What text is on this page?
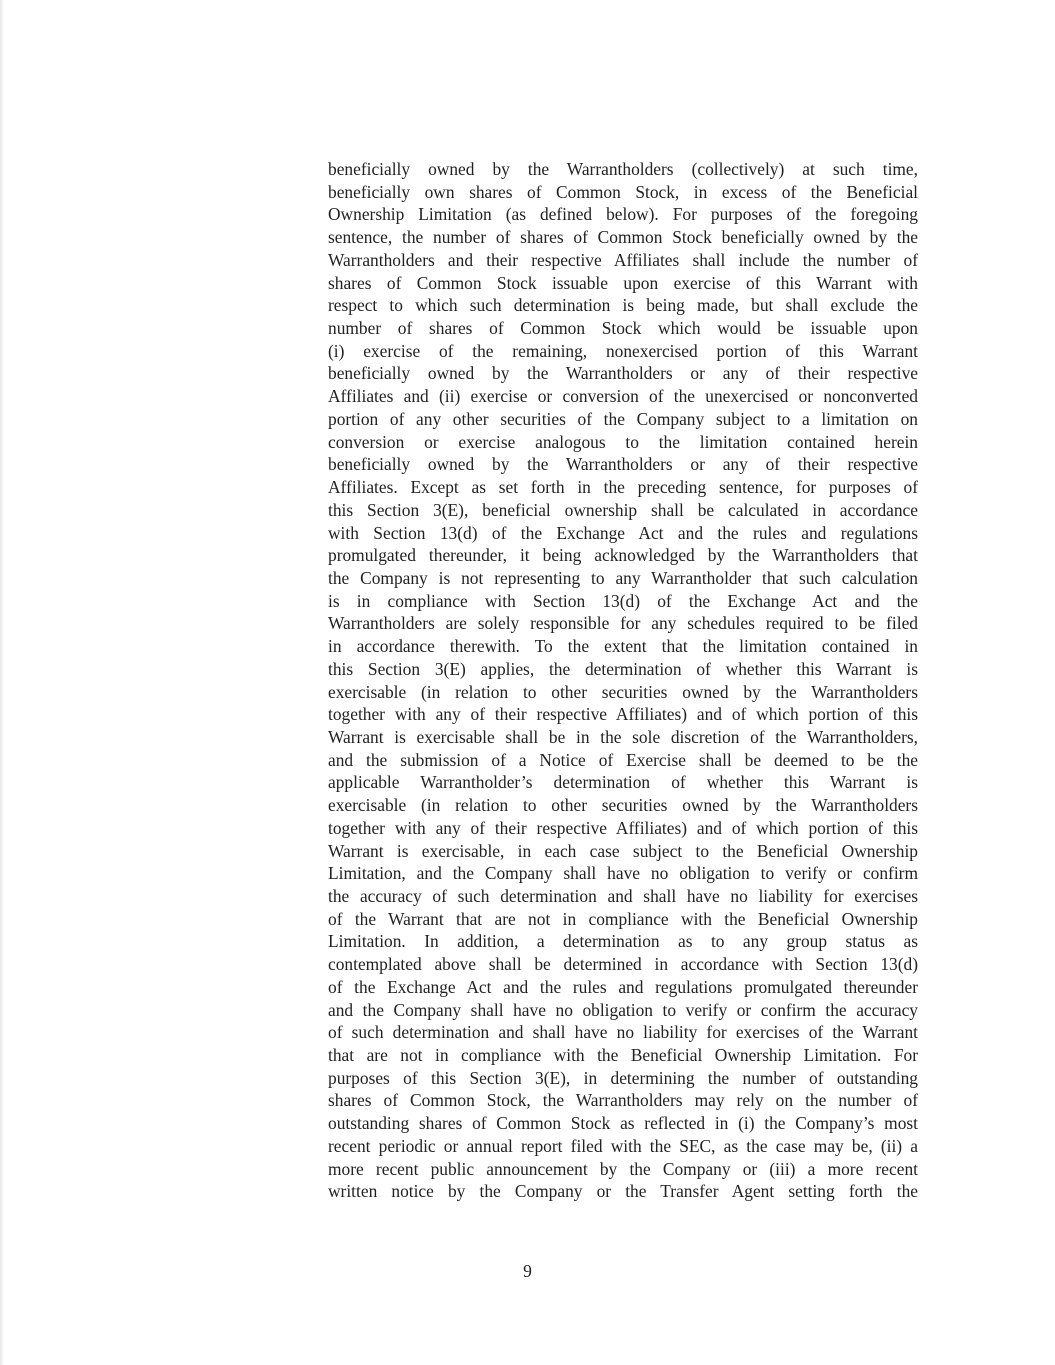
beneficially owned by the Warrantholders (collectively) at such time,
beneficially own shares of Common Stock, in excess of the Beneficial
Ownership Limitation (as defined below). For purposes of the foregoing
sentence, the number of shares of Common Stock beneficially owned by the
Warrantholders and their respective Affiliates shall include the number of
shares of Common Stock issuable upon exercise of this Warrant with
respect to which such determination is being made, but shall exclude the
number of shares of Common Stock which would be issuable upon
(i) exercise of the remaining, nonexercised portion of this Warrant
beneficially owned by the Warrantholders or any of their respective
Affiliates and (ii) exercise or conversion of the unexercised or nonconverted
portion of any other securities of the Company subject to a limitation on
conversion or exercise analogous to the limitation contained herein
beneficially owned by the Warrantholders or any of their respective
Affiliates. Except as set forth in the preceding sentence, for purposes of
this Section 3(E), beneficial ownership shall be calculated in accordance
with Section 13(d) of the Exchange Act and the rules and regulations
promulgated thereunder, it being acknowledged by the Warrantholders that
the Company is not representing to any Warrantholder that such calculation
is in compliance with Section 13(d) of the Exchange Act and the
Warrantholders are solely responsible for any schedules required to be filed
in accordance therewith. To the extent that the limitation contained in
this Section 3(E) applies, the determination of whether this Warrant is
exercisable (in relation to other securities owned by the Warrantholders
together with any of their respective Affiliates) and of which portion of this
Warrant is exercisable shall be in the sole discretion of the Warrantholders,
and the submission of a Notice of Exercise shall be deemed to be the
applicable Warrantholder’s determination of whether this Warrant is
exercisable (in relation to other securities owned by the Warrantholders
together with any of their respective Affiliates) and of which portion of this
Warrant is exercisable, in each case subject to the Beneficial Ownership
Limitation, and the Company shall have no obligation to verify or confirm
the accuracy of such determination and shall have no liability for exercises
of the Warrant that are not in compliance with the Beneficial Ownership
Limitation. In addition, a determination as to any group status as
contemplated above shall be determined in accordance with Section 13(d)
of the Exchange Act and the rules and regulations promulgated thereunder
and the Company shall have no obligation to verify or confirm the accuracy
of such determination and shall have no liability for exercises of the Warrant
that are not in compliance with the Beneficial Ownership Limitation. For
purposes of this Section 3(E), in determining the number of outstanding
shares of Common Stock, the Warrantholders may rely on the number of
outstanding shares of Common Stock as reflected in (i) the Company’s most
recent periodic or annual report filed with the SEC, as the case may be, (ii) a
more recent public announcement by the Company or (iii) a more recent
written notice by the Company or the Transfer Agent setting forth the
9
